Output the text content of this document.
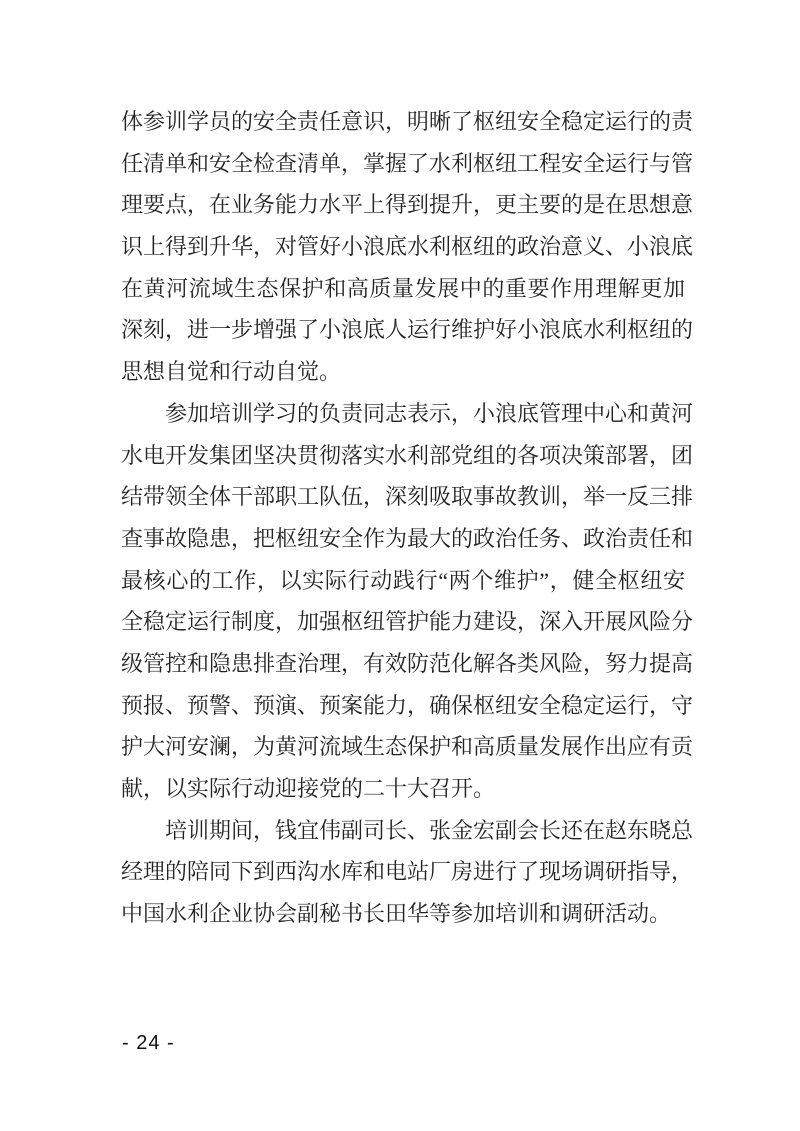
体参训学员的安全责任意识，明晰了枢纽安全稳定运行的责
任清单和安全检查清单，掌握了水利枢纽工程安全运行与管
理要点，在业务能力水平上得到提升，更主要的是在思想意
识上得到升华，对管好小浪底水利枢纽的政治意义、小浪底
在黄河流域生态保护和高质量发展中的重要作用理解更加
深刻，进一步增强了小浪底人运行维护好小浪底水利枢纽的
思想自觉和行动自觉。
参加培训学习的负责同志表示，小浪底管理中心和黄河
水电开发集团坚决贯彻落实水利部党组的各项决策部署，团
结带领全体干部职工队伍，深刻吸取事故教训，举一反三排
查事故隐患，把枢纽安全作为最大的政治任务、政治责任和
最核心的工作，以实际行动践行“两个维护”，健全枢纽安
全稳定运行制度，加强枢纽管护能力建设，深入开展风险分
级管控和隐患排查治理，有效防范化解各类风险，努力提高
预报、预警、预演、预案能力，确保枢纽安全稳定运行，守
护大河安澜，为黄河流域生态保护和高质量发展作出应有贡
献，以实际行动迎接党的二十大召开。
培训期间，钱宜伟副司长、张金宏副会长还在赵东晓总
经理的陪同下到西沟水库和电站厂房进行了现场调研指导，
中国水利企业协会副秘书长田华等参加培训和调研活动。
- 24 -
